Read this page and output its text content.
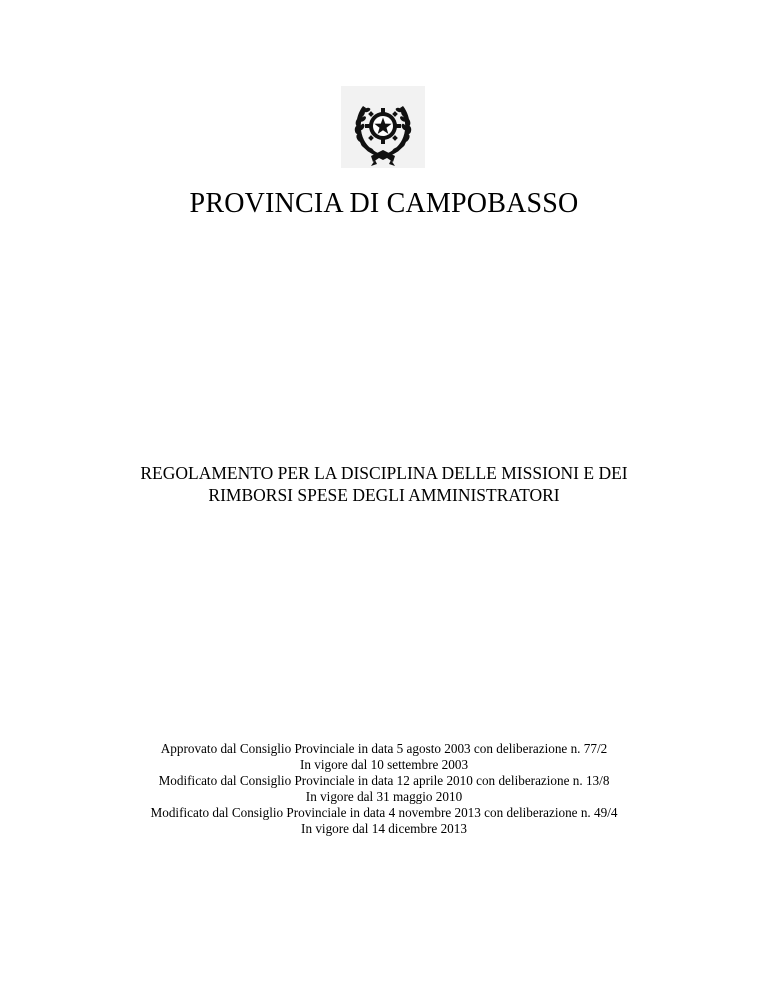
PROVINCIA DI CAMPOBASSO
REGOLAMENTO PER LA DISCIPLINA DELLE MISSIONI E DEI
RIMBORSI SPESE DEGLI AMMINISTRATORI
Approvato dal Consiglio Provinciale in data 5 agosto 2003 con deliberazione n. 77/2
In vigore dal 10 settembre 2003
Modificato dal Consiglio Provinciale in data 12 aprile 2010 con deliberazione n. 13/8
In vigore dal 31 maggio 2010
Modificato dal Consiglio Provinciale in data 4 novembre 2013 con deliberazione n. 49/4
In vigore dal 14 dicembre 2013
